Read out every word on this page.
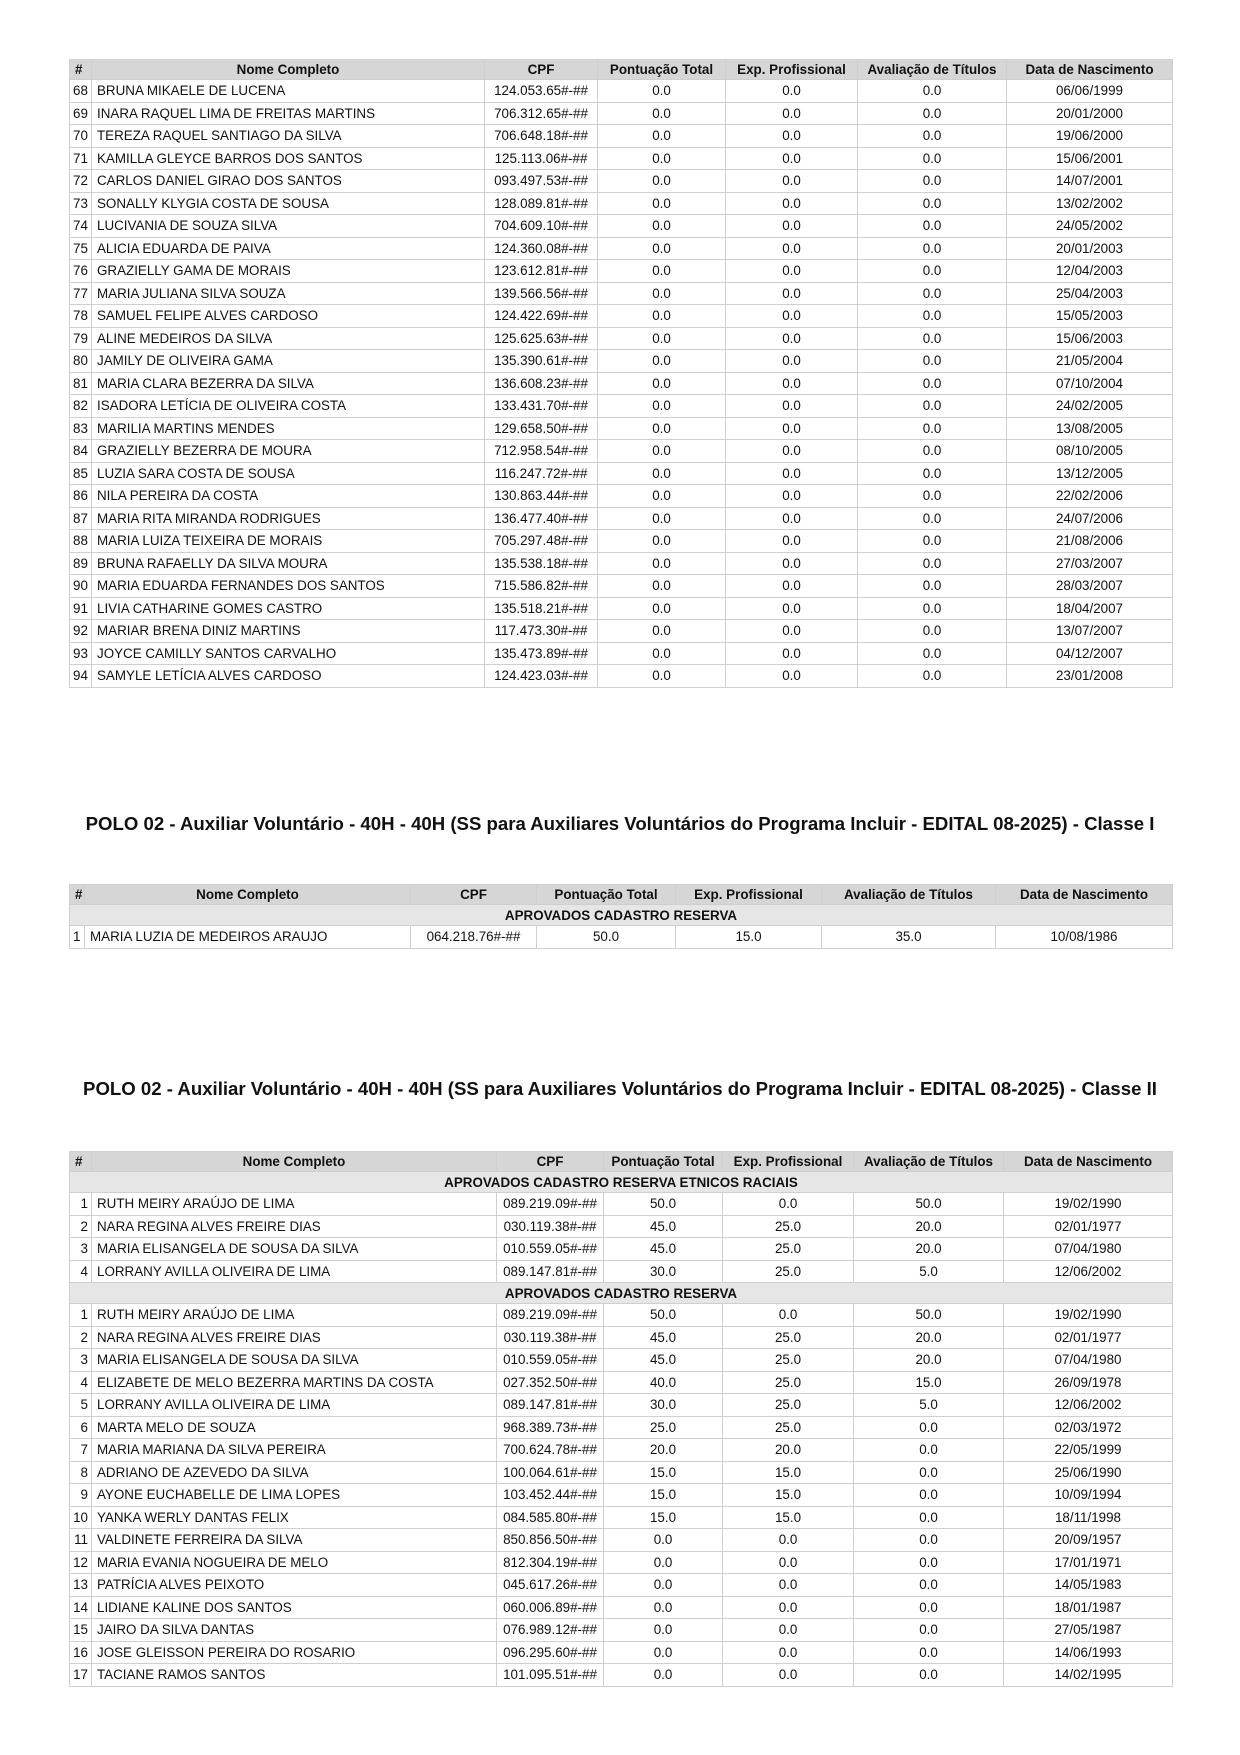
#	Nome Completo	CPF	Pontuação Total	Exp. Profissional	Avaliação de Títulos	Data de Nascimento
68	BRUNA MIKAELE DE LUCENA	124.053.65#-##	0.0	0.0	0.0	06/06/1999
69	INARA RAQUEL LIMA DE FREITAS MARTINS	706.312.65#-##	0.0	0.0	0.0	20/01/2000
70	TEREZA RAQUEL SANTIAGO DA SILVA	706.648.18#-##	0.0	0.0	0.0	19/06/2000
71	KAMILLA GLEYCE BARROS DOS SANTOS	125.113.06#-##	0.0	0.0	0.0	15/06/2001
72	CARLOS DANIEL GIRAO DOS SANTOS	093.497.53#-##	0.0	0.0	0.0	14/07/2001
73	SONALLY KLYGIA COSTA DE SOUSA	128.089.81#-##	0.0	0.0	0.0	13/02/2002
74	LUCIVANIA DE SOUZA SILVA	704.609.10#-##	0.0	0.0	0.0	24/05/2002
75	ALICIA EDUARDA DE PAIVA	124.360.08#-##	0.0	0.0	0.0	20/01/2003
76	GRAZIELLY GAMA DE MORAIS	123.612.81#-##	0.0	0.0	0.0	12/04/2003
77	MARIA JULIANA SILVA SOUZA	139.566.56#-##	0.0	0.0	0.0	25/04/2003
78	SAMUEL FELIPE ALVES CARDOSO	124.422.69#-##	0.0	0.0	0.0	15/05/2003
79	ALINE MEDEIROS DA SILVA	125.625.63#-##	0.0	0.0	0.0	15/06/2003
80	JAMILY DE OLIVEIRA GAMA	135.390.61#-##	0.0	0.0	0.0	21/05/2004
81	MARIA CLARA BEZERRA DA SILVA	136.608.23#-##	0.0	0.0	0.0	07/10/2004
82	ISADORA LETÍCIA DE OLIVEIRA COSTA	133.431.70#-##	0.0	0.0	0.0	24/02/2005
83	MARILIA MARTINS MENDES	129.658.50#-##	0.0	0.0	0.0	13/08/2005
84	GRAZIELLY BEZERRA DE MOURA	712.958.54#-##	0.0	0.0	0.0	08/10/2005
85	LUZIA SARA COSTA DE SOUSA	116.247.72#-##	0.0	0.0	0.0	13/12/2005
86	NILA PEREIRA DA COSTA	130.863.44#-##	0.0	0.0	0.0	22/02/2006
87	MARIA RITA MIRANDA RODRIGUES	136.477.40#-##	0.0	0.0	0.0	24/07/2006
88	MARIA LUIZA TEIXEIRA DE MORAIS	705.297.48#-##	0.0	0.0	0.0	21/08/2006
89	BRUNA RAFAELLY DA SILVA MOURA	135.538.18#-##	0.0	0.0	0.0	27/03/2007
90	MARIA EDUARDA FERNANDES DOS SANTOS	715.586.82#-##	0.0	0.0	0.0	28/03/2007
91	LIVIA CATHARINE GOMES CASTRO	135.518.21#-##	0.0	0.0	0.0	18/04/2007
92	MARIAR BRENA DINIZ MARTINS	117.473.30#-##	0.0	0.0	0.0	13/07/2007
93	JOYCE CAMILLY SANTOS CARVALHO	135.473.89#-##	0.0	0.0	0.0	04/12/2007
94	SAMYLE LETÍCIA ALVES CARDOSO	124.423.03#-##	0.0	0.0	0.0	23/01/2008
POLO 02 - Auxiliar Voluntário - 40H - 40H (SS para Auxiliares Voluntários do Programa Incluir - EDITAL 08-2025) - Classe I
#	Nome Completo	CPF	Pontuação Total	Exp. Profissional	Avaliação de Títulos	Data de Nascimento
APROVADOS CADASTRO RESERVA						
1	MARIA LUZIA DE MEDEIROS ARAUJO	064.218.76#-##	50.0	15.0	35.0	10/08/1986
POLO 02 - Auxiliar Voluntário - 40H - 40H (SS para Auxiliares Voluntários do Programa Incluir - EDITAL 08-2025) - Classe II
#	Nome Completo	CPF	Pontuação Total	Exp. Profissional	Avaliação de Títulos	Data de Nascimento
APROVADOS CADASTRO RESERVA ETNICOS RACIAIS						
1	RUTH MEIRY ARAÚJO DE LIMA	089.219.09#-##	50.0	0.0	50.0	19/02/1990
2	NARA REGINA ALVES FREIRE DIAS	030.119.38#-##	45.0	25.0	20.0	02/01/1977
3	MARIA ELISANGELA DE SOUSA DA SILVA	010.559.05#-##	45.0	25.0	20.0	07/04/1980
4	LORRANY AVILLA OLIVEIRA DE LIMA	089.147.81#-##	30.0	25.0	5.0	12/06/2002
APROVADOS CADASTRO RESERVA						
1	RUTH MEIRY ARAÚJO DE LIMA	089.219.09#-##	50.0	0.0	50.0	19/02/1990
2	NARA REGINA ALVES FREIRE DIAS	030.119.38#-##	45.0	25.0	20.0	02/01/1977
3	MARIA ELISANGELA DE SOUSA DA SILVA	010.559.05#-##	45.0	25.0	20.0	07/04/1980
4	ELIZABETE DE MELO BEZERRA MARTINS DA COSTA	027.352.50#-##	40.0	25.0	15.0	26/09/1978
5	LORRANY AVILLA OLIVEIRA DE LIMA	089.147.81#-##	30.0	25.0	5.0	12/06/2002
6	MARTA MELO DE SOUZA	968.389.73#-##	25.0	25.0	0.0	02/03/1972
7	MARIA MARIANA DA SILVA PEREIRA	700.624.78#-##	20.0	20.0	0.0	22/05/1999
8	ADRIANO DE AZEVEDO DA SILVA	100.064.61#-##	15.0	15.0	0.0	25/06/1990
9	AYONE EUCHABELLE DE LIMA LOPES	103.452.44#-##	15.0	15.0	0.0	10/09/1994
10	YANKA WERLY DANTAS FELIX	084.585.80#-##	15.0	15.0	0.0	18/11/1998
11	VALDINETE FERREIRA DA SILVA	850.856.50#-##	0.0	0.0	0.0	20/09/1957
12	MARIA EVANIA NOGUEIRA DE MELO	812.304.19#-##	0.0	0.0	0.0	17/01/1971
13	PATRÍCIA ALVES PEIXOTO	045.617.26#-##	0.0	0.0	0.0	14/05/1983
14	LIDIANE KALINE DOS SANTOS	060.006.89#-##	0.0	0.0	0.0	18/01/1987
15	JAIRO DA SILVA DANTAS	076.989.12#-##	0.0	0.0	0.0	27/05/1987
16	JOSE GLEISSON PEREIRA DO ROSARIO	096.295.60#-##	0.0	0.0	0.0	14/06/1993
17	TACIANE RAMOS SANTOS	101.095.51#-##	0.0	0.0	0.0	14/02/1995
